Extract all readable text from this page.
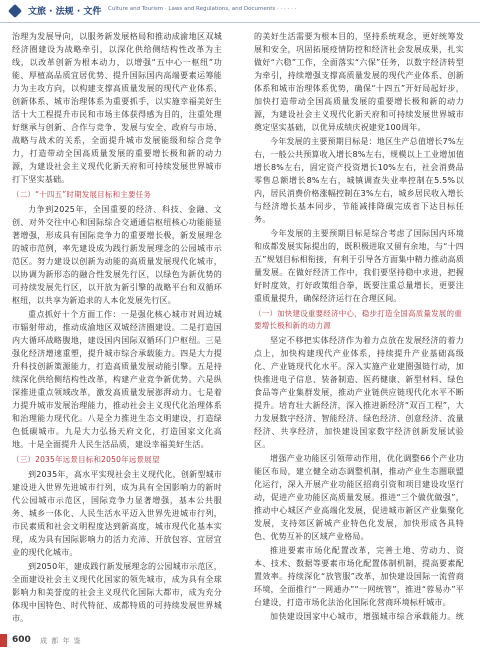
文旅 · 法规 · 文件 Culture and Tourism · Laws and Regulations, and Documents · · · · · ·
治理为发展导向，以服务新发展格局和推动成渝地区双城经济圈建设为战略牵引，以深化供给侧结构性改革为主线，以改革创新为根本动力，以增强“五中心一枢纽”功能、厚植高品质宜居优势、提升国际国内高端要素运筹能力为主攻方向，以构建支撑高质量发展的现代产业体系、创新体系、城市治理体系为重要抓手，以实施幸福美好生活十大工程提升市民和市场主体获得感为目的，注重处理好继承与创新、合作与竞争、发展与安全、政府与市场、战略与战术的关系，全面提升城市发展能级和综合竞争力，打造带动全国高质量发展的重要增长极和新的动力源，为建设社会主义现代化新天府和可持续发展世界城市打下坚实基础。
（二）“十四五”时期发展目标和主要任务
力争到2025年，全国重要的经济、科技、金融、文创、对外交往中心和国际综合交通通信枢纽核心功能能显著增强，形成具有国际竞争力的重要增长极，新发展理念的城市范例，率先建设成为践行新发展理念的公园城市示范区。努力建设以创新为动能的高质量发展现代化城市，以协调为新形态的融合性发展先行区，以绿色为新优势的可持续发展先行区，以开放为新引擎的战略平台和双循环枢纽，以共享为新追求的人本化发展先行区。
重点抓好十个方面工作：一是强化核心城市对周边城市辐射带动，推动成渝地区双城经济圈建设。二是打造国内大循环战略腹地，建设国内国际双循环门户枢纽。三是强化经济增速重塑，提升城市综合承载能力。四是大力提升科技创新策源能力，打造高质量发展动能引擎。五是持续深化供给侧结构性改革，构建产业竞争新优势。六是纵深推进重点领域改革，激发高质量发展澎湃动力。七是着力提升城市发展治理能力，推动社会主义现代化治理体系和治理能力现代化。八是全力推进生态文明建设，打造绿色低碳城市。九是大力弘扬天府文化，打造国家文化高地。十是全面提升人民生活品质，建设幸福美好生活。
（三）2035年远景目标和2050年远景展望
到2035年，高水平实现社会主义现代化，创新型城市建设进入世界先进城市行列，成为具有全国影响力的新时代公园城市示范区，国际竞争力显著增强，基本公共服务、城乡一体化、人民生活水平迈入世界先进城市行列，市民素质和社会文明程度达到新高度，城市现代化基本实现，成为具有国际影响力的活力充沛、开放包容、宜居宜业的现代化城市。
到2050年，建成践行新发展理念的公园城市示范区，全面建设社会主义现代化国家的领先城市，成为具有全球影响力和美誉度的社会主义现代化国际大都市，成为充分体现中国特色、时代特征、成都特质的可持续发展世界城市。
的美好生活需要为根本目的，坚持系统观念，更好统筹发展和安全，巩固拓展疫情防控和经济社会发展成果，扎实做好“六稳”工作，全面落实“六保”任务，以数字经济转型为牵引，持续增强支撑高质量发展的现代产业体系、创新体系和城市治理体系优势，确保“十四五”开好局起好步，加快打造带动全国高质量发展的重要增长极和新的动力源，为建设社会主义现代化新天府和可持续发展世界城市奠定坚实基础，以优异成绩庆祝建党100周年。
今年发展的主要预期目标是：地区生产总值增长7%左右，一般公共预算收入增长8%左右，规模以上工业增加值增长8%左右，固定资产投资增长10%左右，社会消费品零售总额增长8%左右，城镇调查失业率控制在5.5%以内，居民消费价格涨幅控制在3%左右，城乡居民收入增长与经济增长基本同步，节能减排降碳完成省下达目标任务。
今年发展的主要预期目标是综合考虑了国际国内环境和成都发展实际提出的，既积极进取又留有余地，与“十四五”规划目标相衔接，有利于引导各方面集中精力推动高质量发展。在做好经济工作中，我们要坚持稳中求进，把握好时度效，打好政策组合拳，既要注重总量增长，更要注重质量提升，确保经济运行在合理区间。
（一）加快建设重要经济中心，稳步打造全国高质量发展的重要增长极和新的动力源
坚定不移把实体经济作为着力点放在发展经济的着力点上，加快构建现代产业体系，持续提升产业基础高级化、产业链现代化水平。深入实施产业建圈强链行动，加快推进电子信息、装备制造、医药健康、新型材料、绿色食品等产业集群发展，推动产业链供应链现代化水平不断提升。培育壮大新经济，深入推进新经济“双百工程”，大力发展数字经济、智能经济、绿色经济、创意经济、流量经济、共享经济，加快建设国家数字经济创新发展试验区。
增强产业功能区引领带动作用，优化调整66个产业功能区布局，建立健全动态调整机制，推动产业生态圈联盟化运行，深入开展产业功能区招商引资和项目建设攻坚行动，促进产业功能区高质量发展。推进“三个做优做强”，推动中心城区产业高端化发展，促进城市新区产业集聚化发展，支持郊区新城产业特色化发展，加快形成各具特色、优势互补的区域产业格局。
推进要素市场化配置改革，完善土地、劳动力、资本、技术、数据等要素市场化配置体制机制，提高要素配置效率。持续深化“放管服”改革，加快建设国际一流营商环境，全面推行“一网通办”“一网统管”，推进“蓉易办”平台建设，打造市场化法治化国际化营商环境标杆城市。
加快建设国家中心城市，增强城市综合承载能力。统
600 成 都 年 鉴
